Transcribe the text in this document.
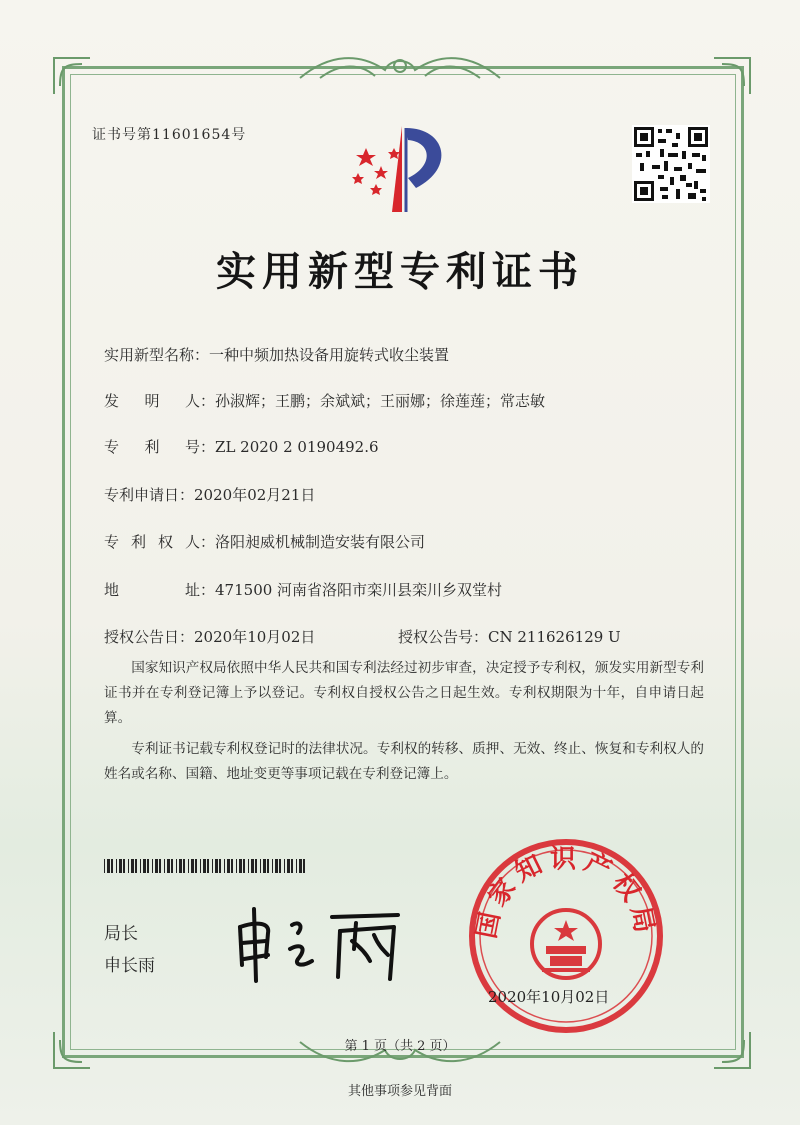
证书号第11601654号
实用新型专利证书
实用新型名称：一种中频加热设备用旋转式收尘装置
发 明 人 ：孙淑辉；王鹏；余斌斌；王丽娜；徐莲莲；常志敏
专 利 号 ：ZL 2020 2 0190492.6
专利申请日：2020年02月21日
专 利 权 人 ：洛阳昶威机械制造安装有限公司
地	址 ：471500 河南省洛阳市栾川县栾川乡双堂村
授权公告日：2020年10月02日	授权公告号：CN 211626129 U

国家知识产权局依照中华人民共和国专利法经过初步审查，决定授予专利权，颁发实用新型专利证书并在专利登记簿上予以登记。专利权自授权公告之日起生效。专利权期限为十年，自申请日起算。

专利证书记载专利权登记时的法律状况。专利权的转移、质押、无效、终止、恢复和专利权人的姓名或名称、国籍、地址变更等事项记载在专利登记簿上。

局长
申长雨
国家知识产权局
2020年10月02日
第 1 页（共 2 页）
其他事项参见背面
